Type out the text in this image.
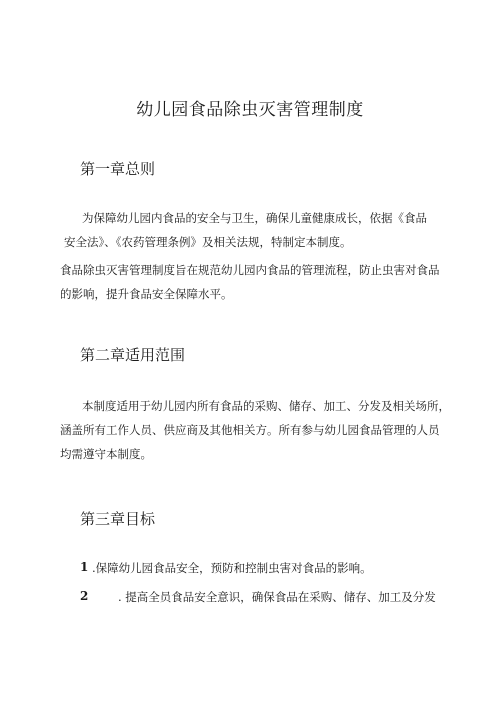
幼儿园食品除虫灭害管理制度
第一章总则

为保障幼儿园内食品的安全与卫生，确保儿童健康成长，依据《食品
安全法》、《农药管理条例》及相关法规，特制定本制度。

食品除虫灭害管理制度旨在规范幼儿园内食品的管理流程，防止虫害对食品
的影响，提升食品安全保障水平。

第二章适用范围

本制度适用于幼儿园内所有食品的采购、储存、加工、分发及相关场所，
涵盖所有工作人员、供应商及其他相关方。所有参与幼儿园食品管理的人员
均需遵守本制度。

第三章目标
1 .保障幼儿园食品安全，预防和控制虫害对食品的影响。
2	. 提高全员食品安全意识，确保食品在采购、储存、加工及分发
